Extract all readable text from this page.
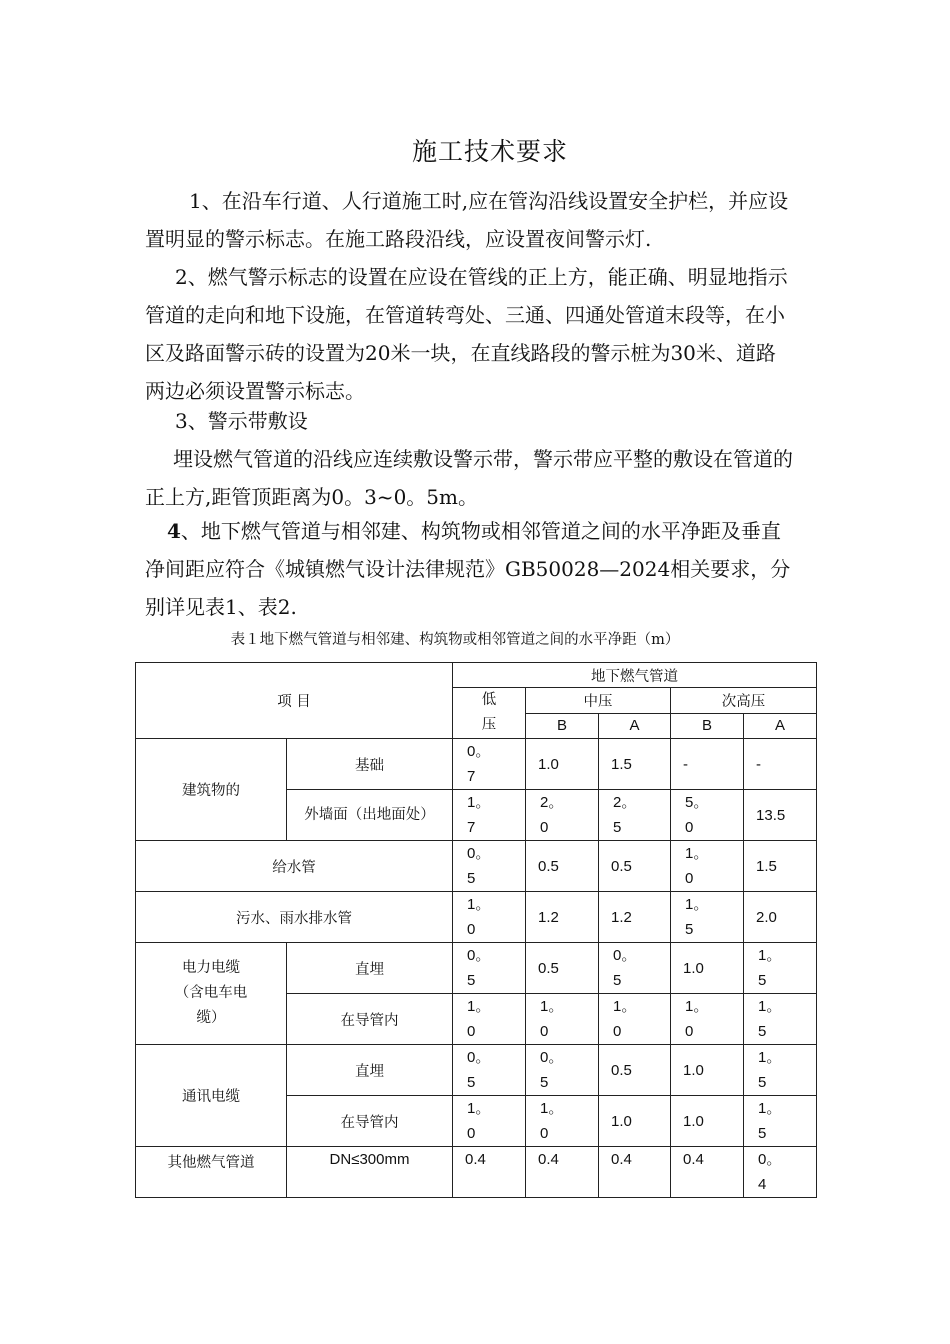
施工技术要求
1、在沿车行道、人行道施工时,应在管沟沿线设置安全护栏，并应设置明显的警示标志。在施工路段沿线，应设置夜间警示灯.
2、燃气警示标志的设置在应设在管线的正上方，能正确、明显地指示管道的走向和地下设施，在管道转弯处、三通、四通处管道末段等，在小区及路面警示砖的设置为20米一块，在直线路段的警示桩为30米、道路两边必须设置警示标志。
3、警示带敷设
埋设燃气管道的沿线应连续敷设警示带，警示带应平整的敷设在管道的正上方,距管顶距离为0。3~0。5m。
4、地下燃气管道与相邻建、构筑物或相邻管道之间的水平净距及垂直净间距应符合《城镇燃气设计法律规范》GB50028—2024相关要求，分别详见表1、表2.
表１地下燃气管道与相邻建、构筑物或相邻管道之间的水平净距（m）
项 目		地下燃气管道				
		低压	中压		次高压	
			B	A	B	A
建筑物的	基础	0。7	1.0	1.5	-	-

	外墙面（出地面处）	1。7	2。0	2。5	5。0	13.5
给水管		0。5	0.5	0.5	1。0	1.5
污水、雨水排水管		1。0	1.2	1.2	1。5	2.0
电力电缆（含电车电缆）	直埋	0。5	0.5	0。5	1.0	1。5
	在导管内	1。0	1。0	1。0	1。0	1。5
通讯电缆	直埋	0。5	0。5	0.5	1.0	1。5
	在导管内	1。0	1。0	1.0	1.0	1。5
其他燃气管道	DN≤300mm	0.4	0.4	0.4	0.4	0。4
